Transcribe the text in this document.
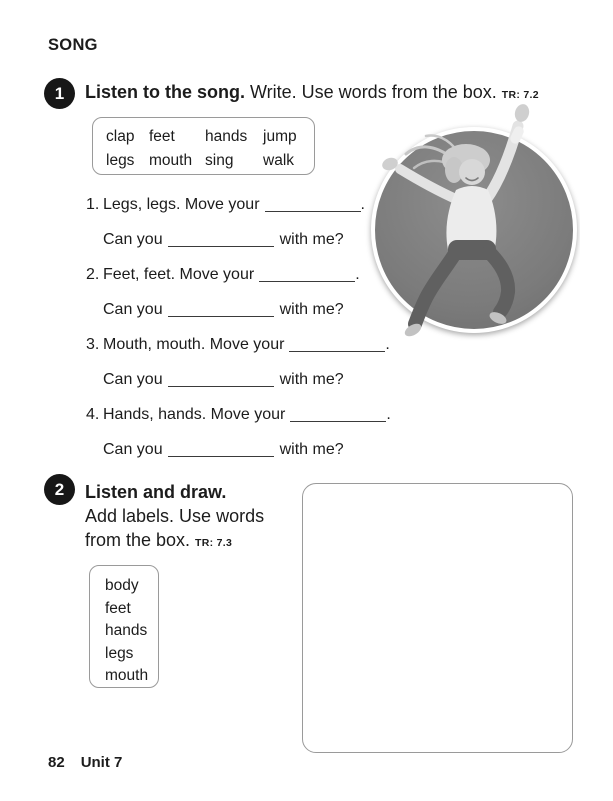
SONG
1 Listen to the song. Write. Use words from the box. TR: 7.2
clap feet	hands	jump
legs mouth sing	walk
1. Legs, legs. Move your	.
Can you	with me?
2. Feet, feet. Move your	.
Can you	with me?
3. Mouth, mouth. Move your	.
Can you	with me?
4. Hands, hands. Move your	.
Can you	with me?
2 Listen and draw.
Add labels. Use words
from the box. TR: 7.3
body
feet
hands
legs
mouth
82 Unit 7
